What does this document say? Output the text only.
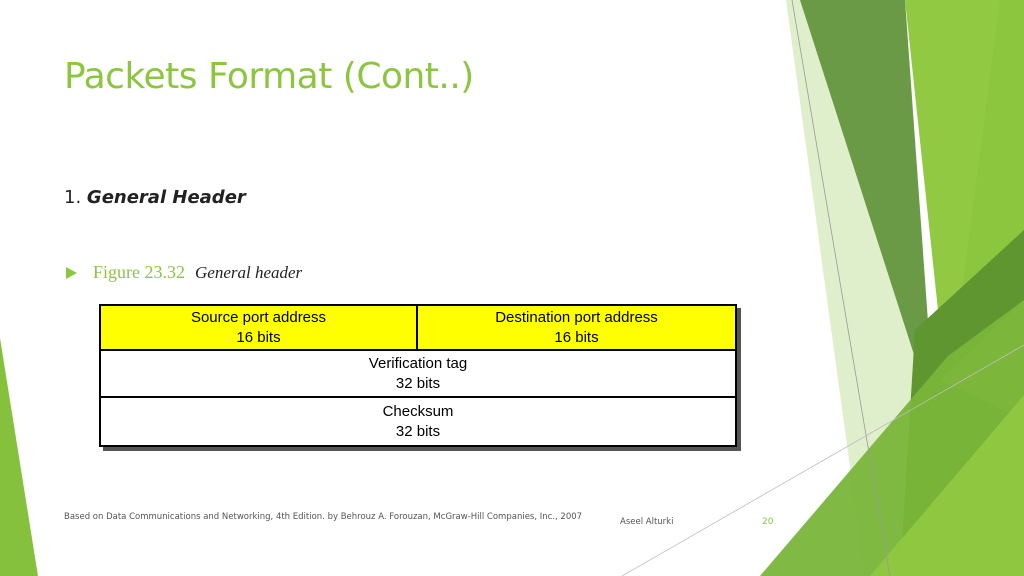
Packets Format (Cont..)
1. General Header
Figure 23.32 General header
Source port address
16 bits
Destination port address
16 bits
Verification tag
32 bits
Checksum
32 bits
Based on Data Communications and Networking, 4th Edition. by Behrouz A. Forouzan, McGraw-Hill Companies, Inc., 2007	Aseel Alturki	20
